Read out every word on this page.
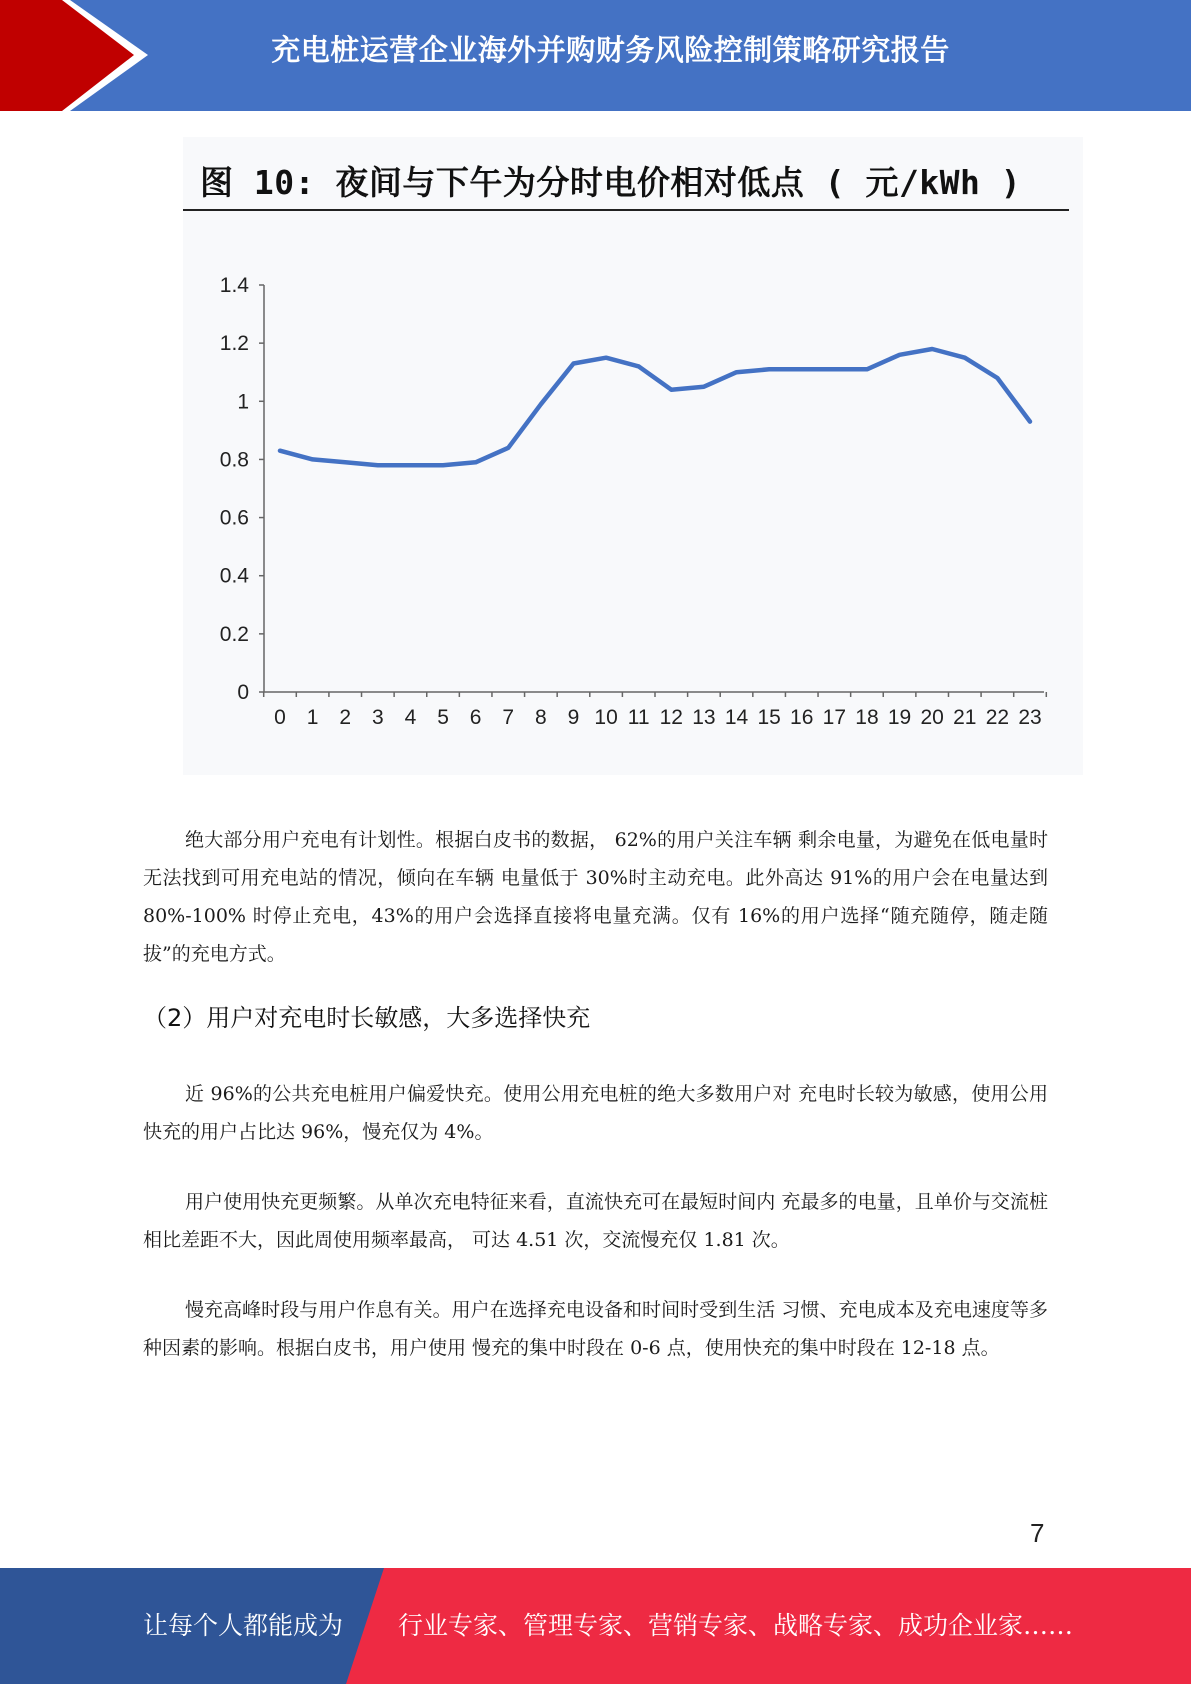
充电桩运营企业海外并购财务风险控制策略研究报告
图 10: 夜间与下午为分时电价相对低点 ( 元/kWh )
0
0.2
0.4
0.6
0.8
1
1.2
1.4
0 1 2 3 4 5 6 7 8 9 10 11 12 13 14 15 16 17 18 19 20 21 22 23

绝大部分用户充电有计划性。根据白皮书的数据， 62%的用户关注车辆 剩余电量，为避免在低电量时无法找到可用充电站的情况，倾向在车辆 电量低于 30%时主动充电。此外高达 91%的用户会在电量达到 80%-100% 时停止充电，43%的用户会选择直接将电量充满。仅有 16%的用户选择“随充随停，随走随拔”的充电方式。

（2）用户对充电时长敏感，大多选择快充

近 96%的公共充电桩用户偏爱快充。使用公用充电桩的绝大多数用户对 充电时长较为敏感，使用公用快充的用户占比达 96%，慢充仅为 4%。

用户使用快充更频繁。从单次充电特征来看，直流快充可在最短时间内 充最多的电量，且单价与交流桩相比差距不大，因此周使用频率最高， 可达 4.51 次，交流慢充仅 1.81 次。

慢充高峰时段与用户作息有关。用户在选择充电设备和时间时受到生活 习惯、充电成本及充电速度等多种因素的影响。根据白皮书，用户使用 慢充的集中时段在 0-6 点，使用快充的集中时段在 12-18 点。

7
让每个人都能成为 行业专家、管理专家、营销专家、战略专家、成功企业家……
